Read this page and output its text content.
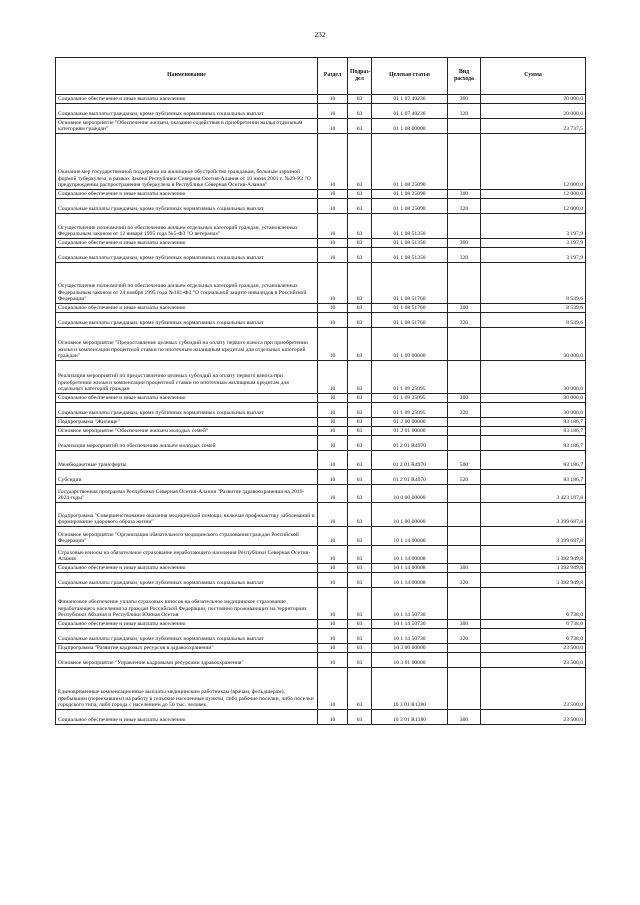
232
Наименование	Раздел	Подраз-дел	Целевая статья	Вид расхода	Сумма
Социальное обеспечение и иные выплаты населению	10	03	01 1 07 40236	300	20 000,0
Социальные выплаты гражданам, кроме публичных нормативных социальных выплат	10	03	01 1 07 40236	320	20 000,0
Основное мероприятие "Обеспечение жильем, оказание содействия в приобретении жилья отдельным категориям граждан"	10	03	01 1 08 00000		23 737,5
Оказание мер государственной поддержки на жилищное обустройство гражданам, больным заразной формой туберкулеза, в рамках Закона Республики Северная Осетия-Алания от 10 июля 2001 г. №29-РЗ "О предупреждении распространения туберкулеза в Республике Северная Осетия-Алания"	10	03	01 1 08 25090		12 000,0
Социальное обеспечение и иные выплаты населению	10	03	01 1 08 25090	300	12 000,0
Социальные выплаты гражданам, кроме публичных нормативных социальных выплат	10	03	01 1 08 25090	320	12 000,0
Осуществление полномочий по обеспечению жильем отдельных категорий граждан, установленных Федеральным законом от 12 января 1995 года №5-ФЗ "О ветеранах"	10	03	01 1 08 51350		3 197,9
Социальное обеспечение и иные выплаты населению	10	03	01 1 08 51350	300	3 197,9
Социальные выплаты гражданам, кроме публичных нормативных социальных выплат	10	03	01 1 08 51350	320	3 197,9
Осуществление полномочий по обеспечению жильем отдельных категорий граждан, установленных Федеральным законом от 24 ноября 1995 года №181-ФЗ "О социальной защите инвалидов в Российской Федерации"	10	03	01 1 08 51760		8 539,6
Социальное обеспечение и иные выплаты населению	10	03	01 1 08 51760	300	8 539,6
Социальные выплаты гражданам, кроме публичных нормативных социальных выплат	10	03	01 1 08 51760	320	8 539,6
Основное мероприятие "Предоставление целевых субсидий на оплату первого взноса при приобретении жилья и компенсации процентной ставки по ипотечным жилищным кредитам для отдельных категорий граждан"	10	03	01 1 09 00000		30 000,0
Реализация мероприятий по предоставлению целевых субсидий на оплату первого взноса при приобретении жилья и компенсации процентной ставки по ипотечным жилищным кредитам для отдельных категорий граждан	10	03	01 1 09 25095		30 000,0
Социальное обеспечение и иные выплаты населению	10	03	01 1 09 25095	300	30 000,0
Социальные выплаты гражданам, кроме публичных нормативных социальных выплат	10	03	01 1 09 25095	320	30 000,0
Подпрограмма "Жилище"	10	03	01 2 00 00000		83 186,7
Основное мероприятие "Обеспечение жильем молодых семей"	10	03	01 2 01 00000		83 186,7
Реализация мероприятий по обеспечению жильем молодых семей	10	03	01 2 01 R4970		83 186,7
Межбюджетные трансферты	10	03	01 2 01 R4970	500	83 186,7
Субсидии	10	03	01 2 01 R4970	520	83 186,7
Государственная программа Республики Северная Осетия-Алания "Развитие здравоохранения на 2019-2024 годы"	10	03	10 0 00 00000		3 423 187,8
Подпрограмма "Совершенствование оказания медицинской помощи, включая профилактику заболеваний и формирование здорового образа жизни"	10	03	10 1 00 00000		3 399 687,8
Основное мероприятие "Организация обязательного медицинского страхования граждан Российской Федерации"	10	03	10 1 14 00000		3 399 687,8
Страховые взносы на обязательное страхование неработающего населения Республики Северная Осетия-Алания	10	03	10 1 14 00008		3 392 949,8
Социальное обеспечение и иные выплаты населению	10	03	10 1 14 00008	300	3 392 949,8
Социальные выплаты гражданам, кроме публичных нормативных социальных выплат	10	03	10 1 14 00008	320	3 392 949,8
Финансовое обеспечение уплаты страховых взносов на обязательное медицинское страхование неработающего населения за граждан Российской Федерации, постоянно проживающих на территориях Республики Абхазия и Республики Южная Осетия	10	03	10 1 14 50730		6 738,0
Социальное обеспечение и иные выплаты населению	10	03	10 1 14 50730	300	6 738,0
Социальные выплаты гражданам, кроме публичных нормативных социальных выплат	10	03	10 1 14 50730	320	6 738,0
Подпрограмма "Развитие кадровых ресурсов в здравоохранении"	10	03	10 3 00 00000		23 500,0
Основное мероприятие "Управление кадровыми ресурсами здравоохранения"	10	03	10 3 01 00000		23 500,0
Единовременные компенсационные выплаты медицинским работникам (врачам, фельдшерам), прибывшим (переехавшим) на работу в сельские населенные пункты, либо рабочие поселки, либо поселки городского типа, либо города с населением до 50 тыс. человек	10	03	10 3 01 R1380		23 500,0
Социальное обеспечение и иные выплаты населению	10	03	10 3 01 R1380	300	23 500,0
